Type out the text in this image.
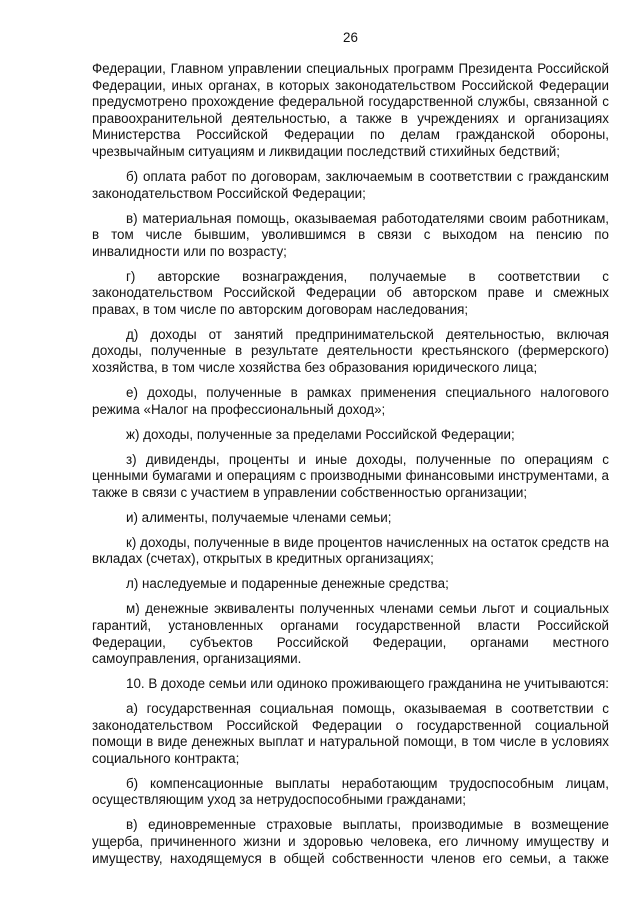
26

Федерации, Главном управлении специальных программ Президента Российской Федерации, иных органах, в которых законодательством Российской Федерации предусмотрено прохождение федеральной государственной службы, связанной с правоохранительной деятельностью, а также в учреждениях и организациях Министерства Российской Федерации по делам гражданской обороны, чрезвычайным ситуациям и ликвидации последствий стихийных бедствий;

б) оплата работ по договорам, заключаемым в соответствии с гражданским законодательством Российской Федерации;

в) материальная помощь, оказываемая работодателями своим работникам, в том числе бывшим, уволившимся в связи с выходом на пенсию по инвалидности или по возрасту;

г) авторские вознаграждения, получаемые в соответствии с законодательством Российской Федерации об авторском праве и смежных правах, в том числе по авторским договорам наследования;

д) доходы от занятий предпринимательской деятельностью, включая доходы, полученные в результате деятельности крестьянского (фермерского) хозяйства, в том числе хозяйства без образования юридического лица;

е) доходы, полученные в рамках применения специального налогового режима «Налог на профессиональный доход»;

ж) доходы, полученные за пределами Российской Федерации;

з) дивиденды, проценты и иные доходы, полученные по операциям с ценными бумагами и операциям с производными финансовыми инструментами, а также в связи с участием в управлении собственностью организации;

и) алименты, получаемые членами семьи;

к) доходы, полученные в виде процентов начисленных на остаток средств на вкладах (счетах), открытых в кредитных организациях;

л) наследуемые и подаренные денежные средства;

м) денежные эквиваленты полученных членами семьи льгот и социальных гарантий, установленных органами государственной власти Российской Федерации, субъектов Российской Федерации, органами местного самоуправления, организациями.

10. В доходе семьи или одиноко проживающего гражданина не учитываются:

а) государственная социальная помощь, оказываемая в соответствии с законодательством Российской Федерации о государственной социальной помощи в виде денежных выплат и натуральной помощи, в том числе в условиях социального контракта;

б) компенсационные выплаты неработающим трудоспособным лицам, осуществляющим уход за нетрудоспособными гражданами;

в) единовременные страховые выплаты, производимые в возмещение ущерба, причиненного жизни и здоровью человека, его личному имуществу и имуществу, находящемуся в общей собственности членов его семьи, а также
